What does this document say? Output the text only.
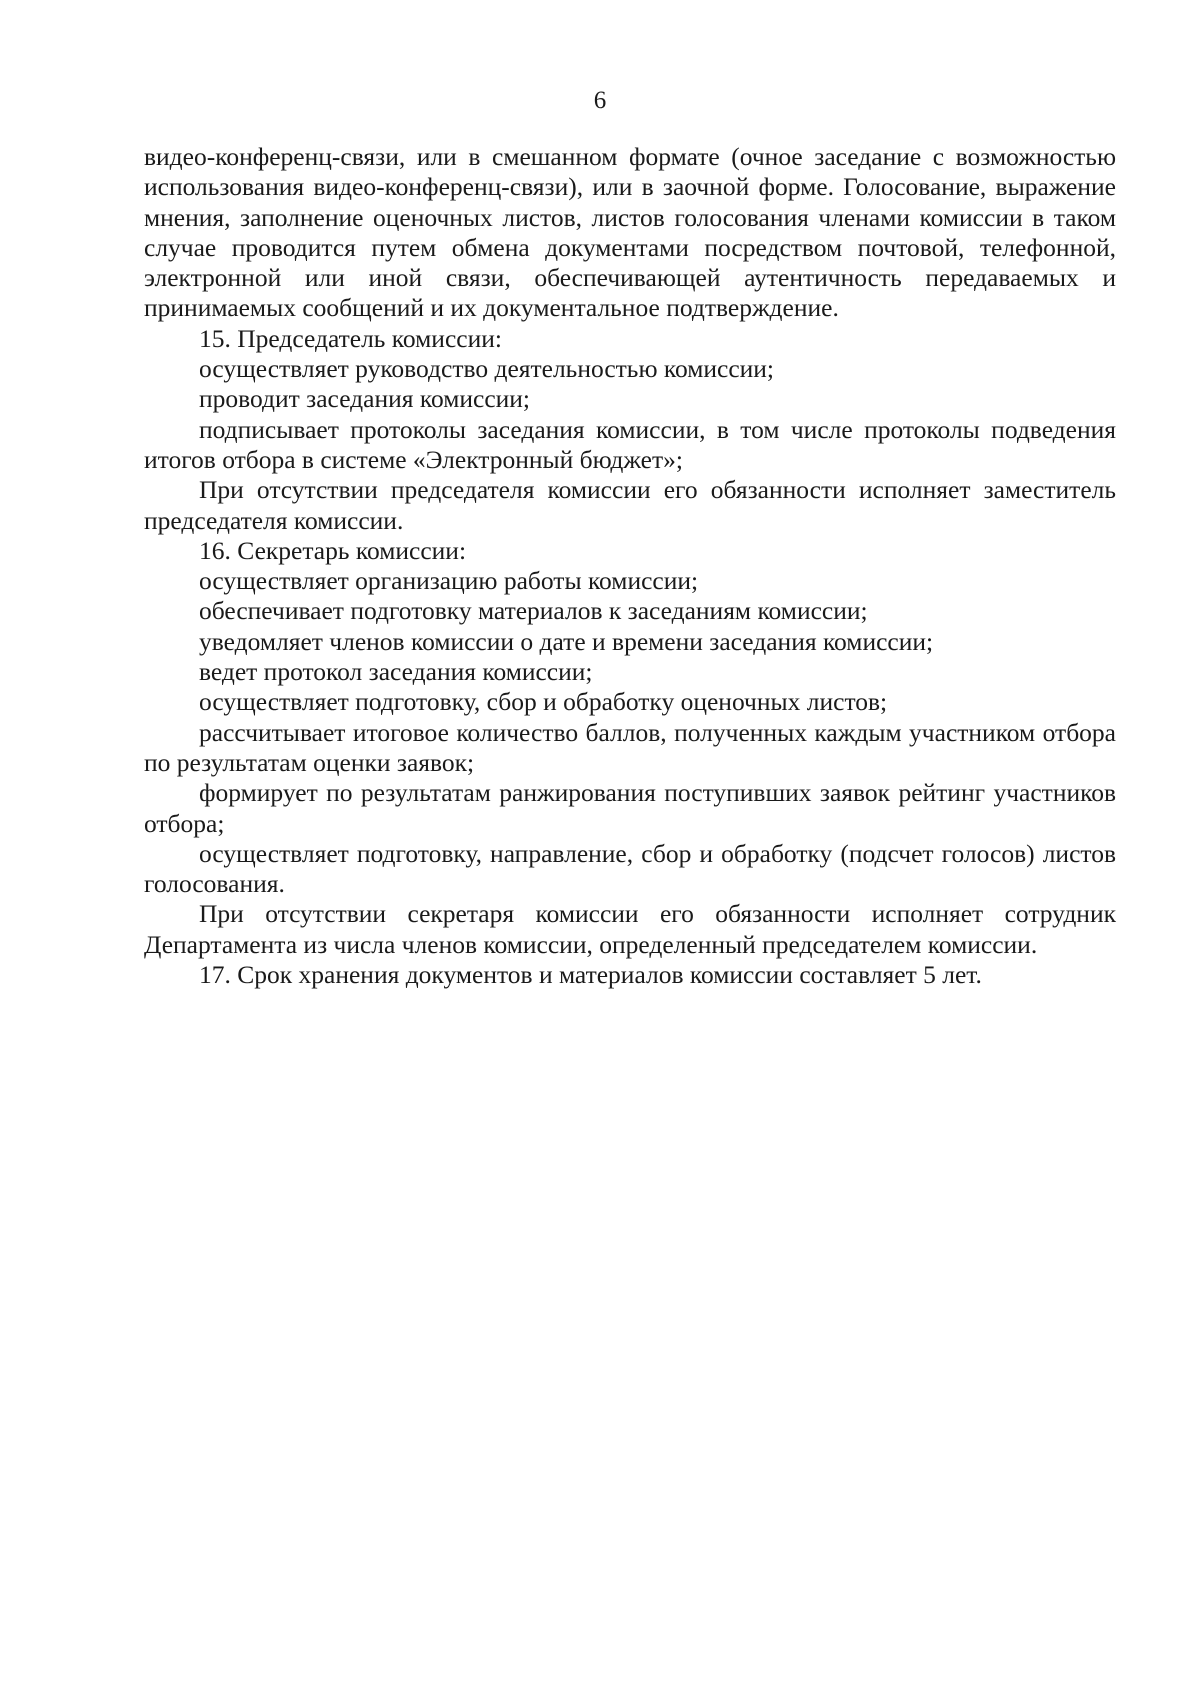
6

видео-конференц-связи, или в смешанном формате (очное заседание с возможностью использования видео-конференц-связи), или в заочной форме. Голосование, выражение мнения, заполнение оценочных листов, листов голосования членами комиссии в таком случае проводится путем обмена документами посредством почтовой, телефонной, электронной или иной связи, обеспечивающей аутентичность передаваемых и принимаемых сообщений и их документальное подтверждение.

15. Председатель комиссии:

осуществляет руководство деятельностью комиссии;

проводит заседания комиссии;

подписывает протоколы заседания комиссии, в том числе протоколы подведения итогов отбора в системе «Электронный бюджет»;

При отсутствии председателя комиссии его обязанности исполняет заместитель председателя комиссии.

16. Секретарь комиссии:

осуществляет организацию работы комиссии;

обеспечивает подготовку материалов к заседаниям комиссии;

уведомляет членов комиссии о дате и времени заседания комиссии;

ведет протокол заседания комиссии;

осуществляет подготовку, сбор и обработку оценочных листов;

рассчитывает итоговое количество баллов, полученных каждым участником отбора по результатам оценки заявок;

формирует по результатам ранжирования поступивших заявок рейтинг участников отбора;

осуществляет подготовку, направление, сбор и обработку (подсчет голосов) листов голосования.

При отсутствии секретаря комиссии его обязанности исполняет сотрудник Департамента из числа членов комиссии, определенный председателем комиссии.

17. Срок хранения документов и материалов комиссии составляет 5 лет.
